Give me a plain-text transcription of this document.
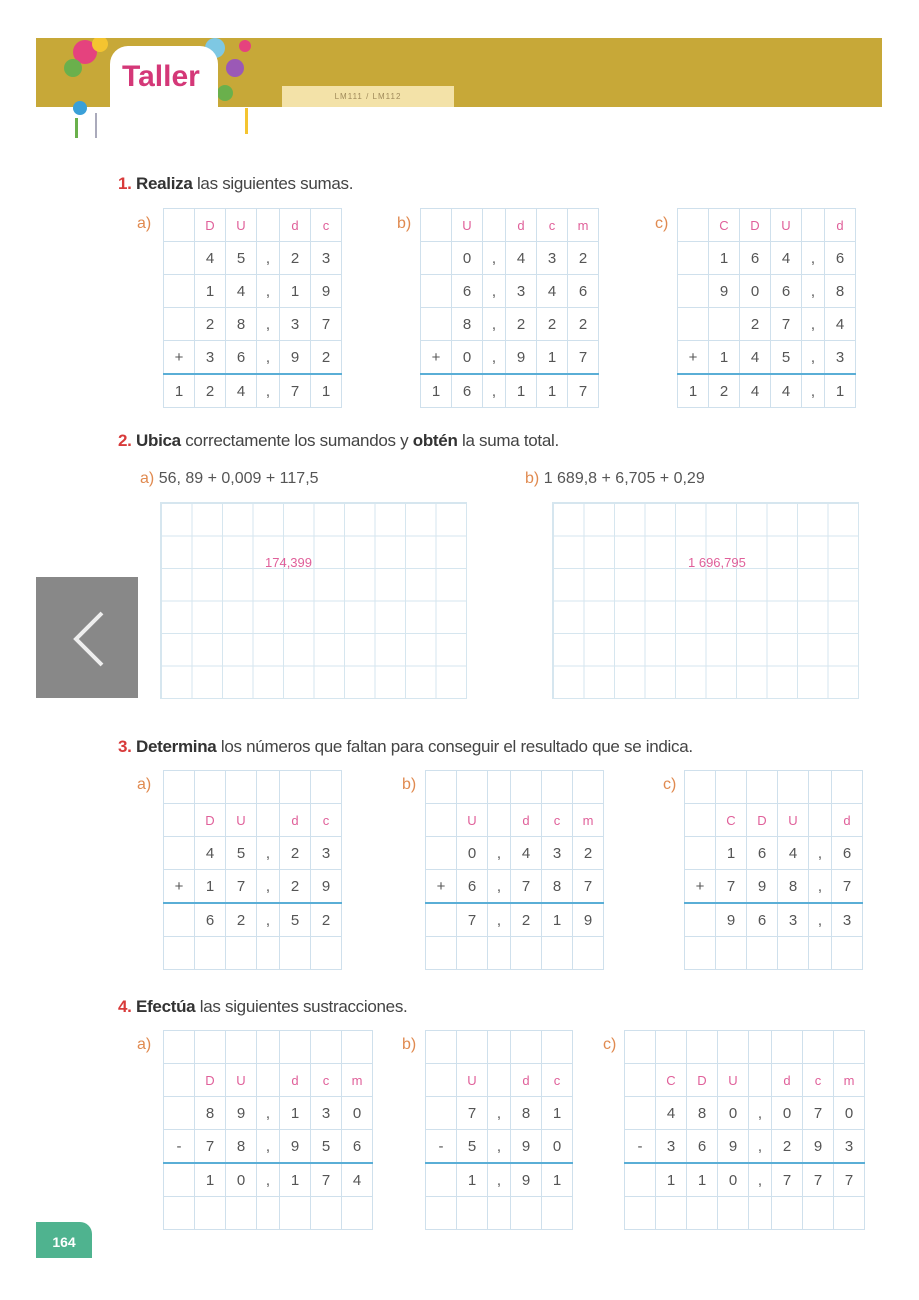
LM111 / LM112
Taller
1. Realiza las siguientes sumas.
a)
		D	U		d	c
	4	5	,	2	3
	1	4	,	1	9
	2	8	,	3	7
+	3	6	,	9	2
1	2	4	,	7	1
b)
		U		d	c	m
	0	,	4	3	2
	6	,	3	4	6
	8	,	2	2	2
+	0	,	9	1	7
1	6	,	1	1	7
c)
		C	D	U		d
	1	6	4	,	6
	9	0	6	,	8
		2	7	,	4
+	1	4	5	,	3
1	2	4	4	,	1
2. Ubica correctamente los sumandos y obtén la suma total.
a) 56, 89 + 0,009 + 117,5	b) 1 689,8 + 6,705 + 0,29
174,399	1 696,795
3. Determina los números que faltan para conseguir el resultado que se indica.
a)

	D	U		d	c
	4	5	,	2	3
+	1	7	,	2	9
	6	2	,	5	2

b)

	U		d	c	m
	0	,	4	3	2
+	6	,	7	8	7
	7	,	2	1	9

c)

	C	D	U		d
	1	6	4	,	6
+	7	9	8	,	7
	9	6	3	,	3

4. Efectúa las siguientes sustracciones.
a)

	D	U		d	c	m
	8	9	,	1	3	0
-	7	8	,	9	5	6
	1	0	,	1	7	4

b)

	U		d	c
	7	,	8	1
-	5	,	9	0
	1	,	9	1

c)

	C	D	U		d	c	m
	4	8	0	,	0	7	0
-	3	6	9	,	2	9	3
	1	1	0	,	7	7	7

164
